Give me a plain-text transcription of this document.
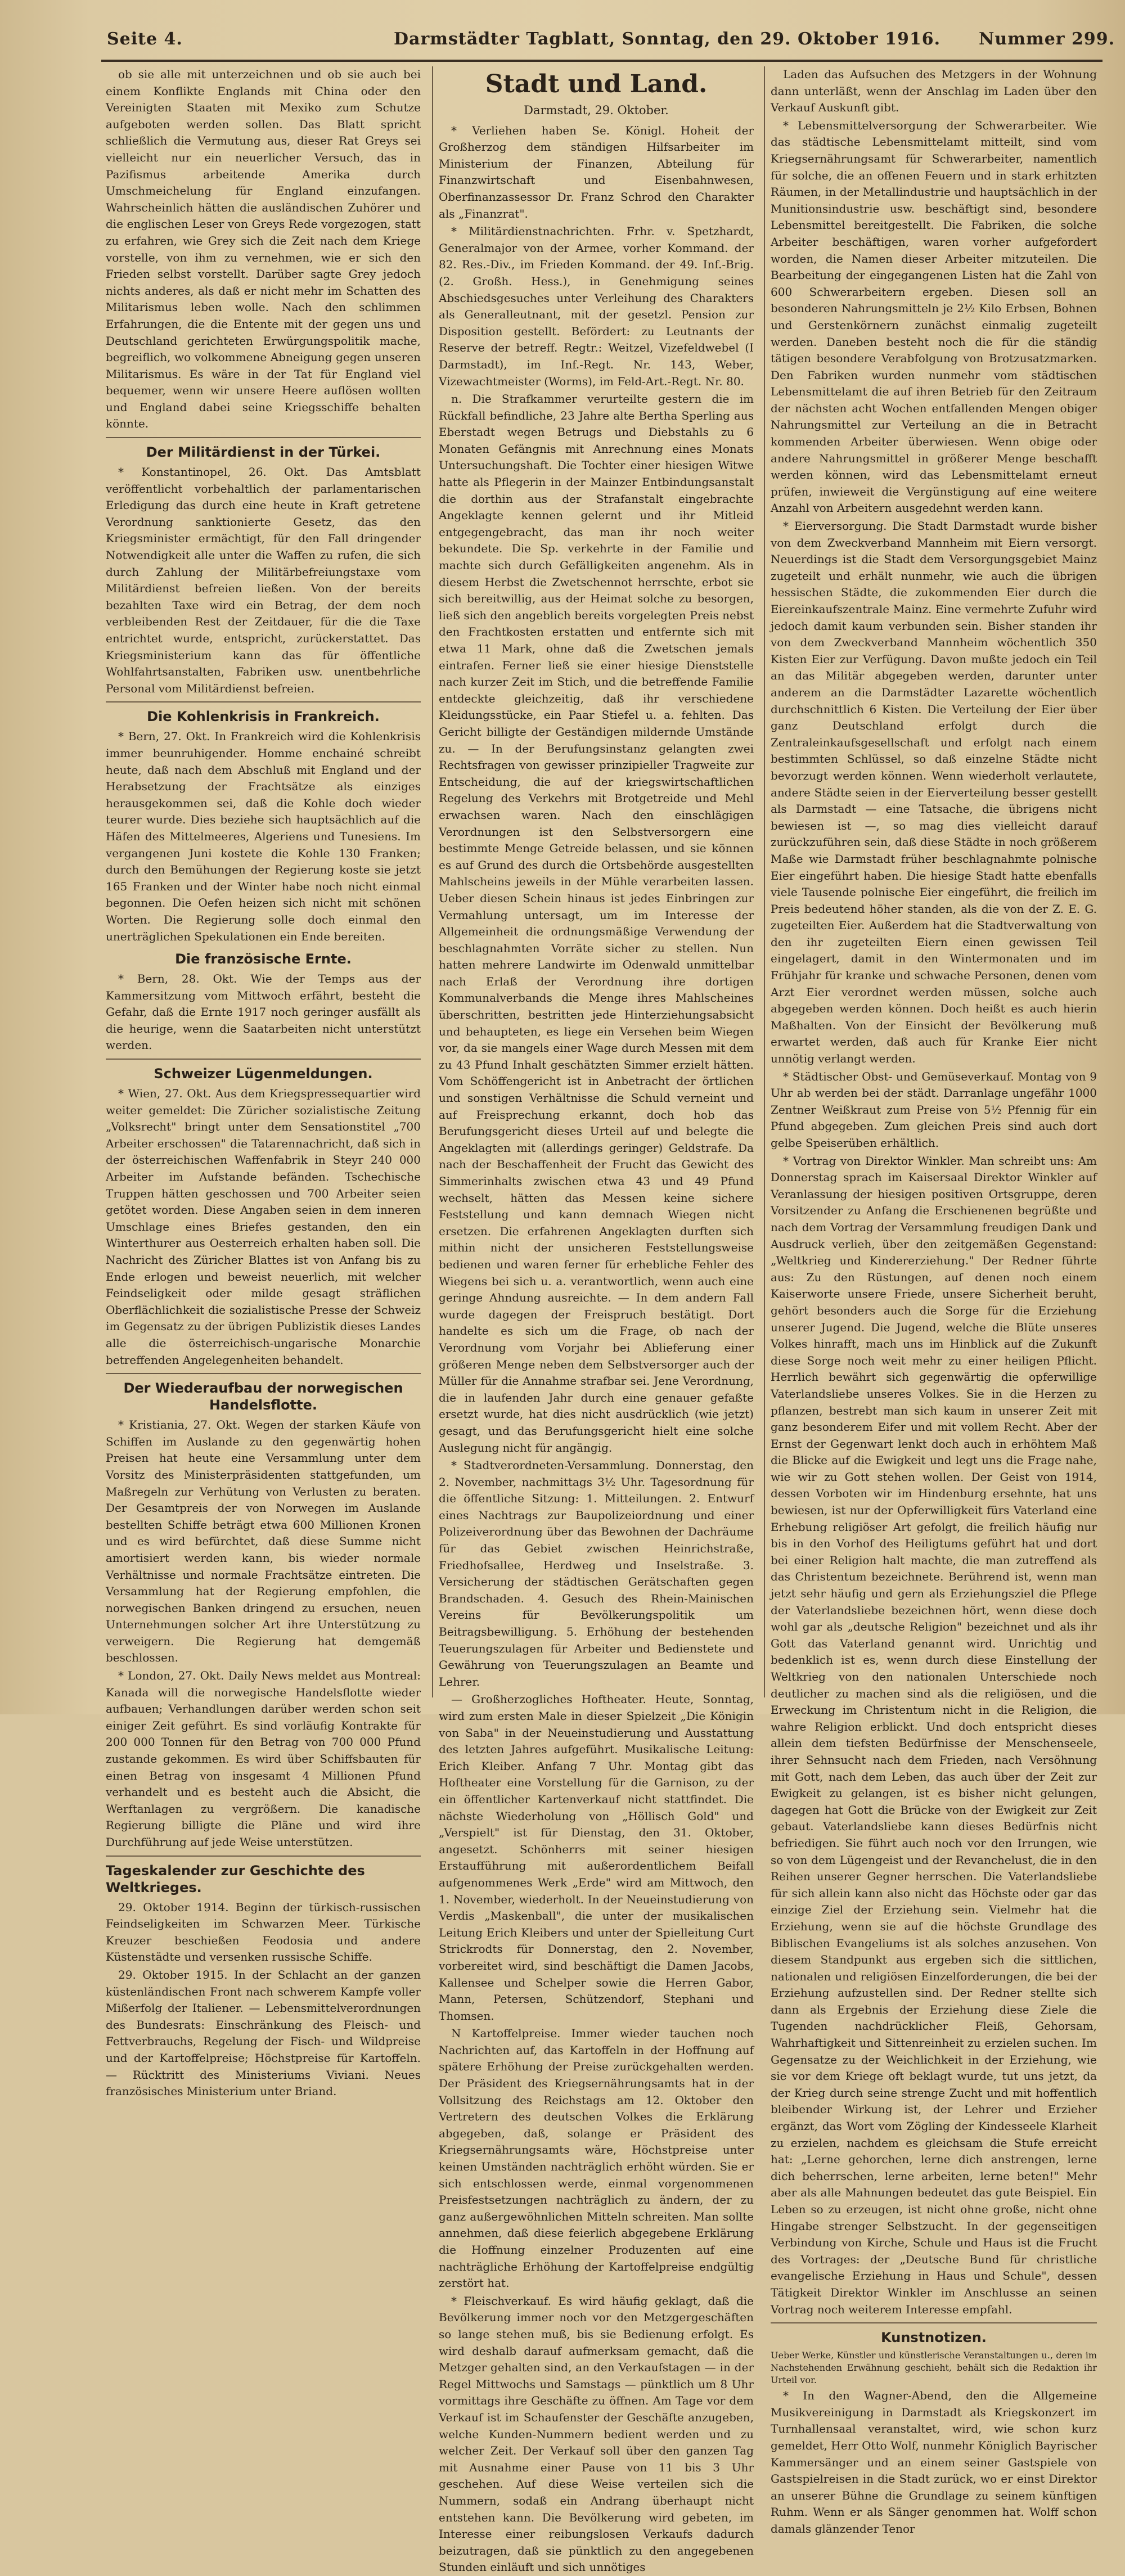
Seite 4.	Darmstädter Tagblatt, Sonntag, den 29. Oktober 1916. Nummer 299.

ob sie alle mit unterzeichnen und ob sie auch bei einem Konflikte Englands mit China oder den Vereinigten Staaten mit Mexiko zum Schutze aufgeboten werden sollen. Das Blatt spricht schließlich die Vermutung aus, dieser Rat Greys sei vielleicht nur ein neuerlicher Versuch, das in Pazifismus arbeitende Amerika durch Umschmeichelung für England einzufangen. Wahrscheinlich hätten die ausländischen Zuhörer und die englischen Leser von Greys Rede vorgezogen, statt zu erfahren, wie Grey sich die Zeit nach dem Kriege vorstelle, von ihm zu vernehmen, wie er sich den Frieden selbst vorstellt. Darüber sagte Grey jedoch nichts anderes, als daß er nicht mehr im Schatten des Militarismus leben wolle. Nach den schlimmen Erfahrungen, die die Entente mit der gegen uns und Deutschland gerichteten Erwürgungspolitik mache, begreiflich, wo volkommene Abneigung gegen unseren Militarismus. Es wäre in der Tat für England viel bequemer, wenn wir unsere Heere auflösen wollten und England dabei seine Kriegsschiffe behalten könnte.

Der Militärdienst in der Türkei.

* Konstantinopel, 26. Okt. Das Amtsblatt veröffentlicht vorbehaltlich der parlamentarischen Erledigung das durch eine heute in Kraft getretene Verordnung sanktionierte Gesetz, das den Kriegsminister ermächtigt, für den Fall dringender Notwendigkeit alle unter die Waffen zu rufen, die sich durch Zahlung der Militärbefreiungstaxe vom Militärdienst befreien ließen. Von der bereits bezahlten Taxe wird ein Betrag, der dem noch verbleibenden Rest der Zeitdauer, für die die Taxe entrichtet wurde, entspricht, zurückerstattet. Das Kriegsministerium kann das für öffentliche Wohlfahrtsanstalten, Fabriken usw. unentbehrliche Personal vom Militärdienst befreien.

Die Kohlenkrisis in Frankreich.

* Bern, 27. Okt. In Frankreich wird die Kohlenkrisis immer beunruhigender. Homme enchainé schreibt heute, daß nach dem Abschluß mit England und der Herabsetzung der Frachtsätze als einziges herausgekommen sei, daß die Kohle doch wieder teurer wurde. Dies beziehe sich hauptsächlich auf die Häfen des Mittelmeeres, Algeriens und Tunesiens. Im vergangenen Juni kostete die Kohle 130 Franken; durch den Bemühungen der Regierung koste sie jetzt 165 Franken und der Winter habe noch nicht einmal begonnen. Die Oefen heizen sich nicht mit schönen Worten. Die Regierung solle doch einmal den unerträglichen Spekulationen ein Ende bereiten.

Die französische Ernte.

* Bern, 28. Okt. Wie der Temps aus der Kammersitzung vom Mittwoch erfährt, besteht die Gefahr, daß die Ernte 1917 noch geringer ausfällt als die heurige, wenn die Saatarbeiten nicht unterstützt werden.

Schweizer Lügenmeldungen.

* Wien, 27. Okt. Aus dem Kriegspressequartier wird weiter gemeldet: Die Züricher sozialistische Zeitung „Volksrecht" bringt unter dem Sensationstitel „700 Arbeiter erschossen" die Tatarennachricht, daß sich in der österreichischen Waffenfabrik in Steyr 240 000 Arbeiter im Aufstande befänden. Tschechische Truppen hätten geschossen und 700 Arbeiter seien getötet worden. Diese Angaben seien in dem inneren Umschlage eines Briefes gestanden, den ein Winterthurer aus Oesterreich erhalten haben soll. Die Nachricht des Züricher Blattes ist von Anfang bis zu Ende erlogen und beweist neuerlich, mit welcher Feindseligkeit oder milde gesagt sträflichen Oberflächlichkeit die sozialistische Presse der Schweiz im Gegensatz zu der übrigen Publizistik dieses Landes alle die österreichisch-ungarische Monarchie betreffenden Angelegenheiten behandelt.

Der Wiederaufbau der norwegischen Handelsflotte.

* Kristiania, 27. Okt. Wegen der starken Käufe von Schiffen im Auslande zu den gegenwärtig hohen Preisen hat heute eine Versammlung unter dem Vorsitz des Ministerpräsidenten stattgefunden, um Maßregeln zur Verhütung von Verlusten zu beraten. Der Gesamtpreis der von Norwegen im Auslande bestellten Schiffe beträgt etwa 600 Millionen Kronen und es wird befürchtet, daß diese Summe nicht amortisiert werden kann, bis wieder normale Verhältnisse und normale Frachtsätze eintreten. Die Versammlung hat der Regierung empfohlen, die norwegischen Banken dringend zu ersuchen, neuen Unternehmungen solcher Art ihre Unterstützung zu verweigern. Die Regierung hat demgemäß beschlossen.

* London, 27. Okt. Daily News meldet aus Montreal: Kanada will die norwegische Handelsflotte wieder aufbauen; Verhandlungen darüber werden schon seit einiger Zeit geführt. Es sind vorläufig Kontrakte für 200 000 Tonnen für den Betrag von 700 000 Pfund zustande gekommen. Es wird über Schiffsbauten für einen Betrag von insgesamt 4 Millionen Pfund verhandelt und es besteht auch die Absicht, die Werftanlagen zu vergrößern. Die kanadische Regierung billigte die Pläne und wird ihre Durchführung auf jede Weise unterstützen.

Tageskalender zur Geschichte des Weltkrieges.

29. Oktober 1914. Beginn der türkisch-russischen Feindseligkeiten im Schwarzen Meer. Türkische Kreuzer beschießen Feodosia und andere Küstenstädte und versenken russische Schiffe.

29. Oktober 1915. In der Schlacht an der ganzen küstenländischen Front nach schwerem Kampfe voller Mißerfolg der Italiener. — Lebensmittelverordnungen des Bundesrats: Einschränkung des Fleisch- und Fettverbrauchs, Regelung der Fisch- und Wildpreise und der Kartoffelpreise; Höchstpreise für Kartoffeln. — Rücktritt des Ministeriums Viviani. Neues französisches Ministerium unter Briand.

Stadt und Land.
Darmstadt, 29. Oktober.

* Verliehen haben Se. Königl. Hoheit der Großherzog dem ständigen Hilfsarbeiter im Ministerium der Finanzen, Abteilung für Finanzwirtschaft und Eisenbahnwesen, Oberfinanzassessor Dr. Franz Schrod den Charakter als „Finanzrat".

* Militärdienstnachrichten. Frhr. v. Spetzhardt, Generalmajor von der Armee, vorher Kommand. der 82. Res.-Div., im Frieden Kommand. der 49. Inf.-Brig. (2. Großh. Hess.), in Genehmigung seines Abschiedsgesuches unter Verleihung des Charakters als Generalleutnant, mit der gesetzl. Pension zur Disposition gestellt. Befördert: zu Leutnants der Reserve der betreff. Regtr.: Weitzel, Vizefeldwebel (I Darmstadt), im Inf.-Regt. Nr. 143, Weber, Vizewachtmeister (Worms), im Feld-Art.-Regt. Nr. 80.

n. Die Strafkammer verurteilte gestern die im Rückfall befindliche, 23 Jahre alte Bertha Sperling aus Eberstadt wegen Betrugs und Diebstahls zu 6 Monaten Gefängnis mit Anrechnung eines Monats Untersuchungshaft. Die Tochter einer hiesigen Witwe hatte als Pflegerin in der Mainzer Entbindungsanstalt die dorthin aus der Strafanstalt eingebrachte Angeklagte kennen gelernt und ihr Mitleid entgegengebracht, das man ihr noch weiter bekundete. Die Sp. verkehrte in der Familie und machte sich durch Gefälligkeiten angenehm. Als in diesem Herbst die Zwetschennot herrschte, erbot sie sich bereitwillig, aus der Heimat solche zu besorgen, ließ sich den angeblich bereits vorgelegten Preis nebst den Frachtkosten erstatten und entfernte sich mit etwa 11 Mark, ohne daß die Zwetschen jemals eintrafen. Ferner ließ sie einer hiesige Dienststelle nach kurzer Zeit im Stich, und die betreffende Familie entdeckte gleichzeitig, daß ihr verschiedene Kleidungsstücke, ein Paar Stiefel u. a. fehlten. Das Gericht billigte der Geständigen mildernde Umstände zu. — In der Berufungsinstanz gelangten zwei Rechtsfragen von gewisser prinzipieller Tragweite zur Entscheidung, die auf der kriegswirtschaftlichen Regelung des Verkehrs mit Brotgetreide und Mehl erwachsen waren. Nach den einschlägigen Verordnungen ist den Selbstversorgern eine bestimmte Menge Getreide belassen, und sie können es auf Grund des durch die Ortsbehörde ausgestellten Mahlscheins jeweils in der Mühle verarbeiten lassen. Ueber diesen Schein hinaus ist jedes Einbringen zur Vermahlung untersagt, um im Interesse der Allgemeinheit die ordnungsmäßige Verwendung der beschlagnahmten Vorräte sicher zu stellen. Nun hatten mehrere Landwirte im Odenwald unmittelbar nach Erlaß der Verordnung ihre dortigen Kommunalverbands die Menge ihres Mahlscheines überschritten, bestritten jede Hinterziehungsabsicht und behaupteten, es liege ein Versehen beim Wiegen vor, da sie mangels einer Wage durch Messen mit dem zu 43 Pfund Inhalt geschätzten Simmer erzielt hätten. Vom Schöffengericht ist in Anbetracht der örtlichen und sonstigen Verhältnisse die Schuld verneint und auf Freisprechung erkannt, doch hob das Berufungsgericht dieses Urteil auf und belegte die Angeklagten mit (allerdings geringer) Geldstrafe. Da nach der Beschaffenheit der Frucht das Gewicht des Simmerinhalts zwischen etwa 43 und 49 Pfund wechselt, hätten das Messen keine sichere Feststellung und kann demnach Wiegen nicht ersetzen. Die erfahrenen Angeklagten durften sich mithin nicht der unsicheren Feststellungsweise bedienen und waren ferner für erhebliche Fehler des Wiegens bei sich u. a. verantwortlich, wenn auch eine geringe Ahndung ausreichte. — In dem andern Fall wurde dagegen der Freispruch bestätigt. Dort handelte es sich um die Frage, ob nach der Verordnung vom Vorjahr bei Ablieferung einer größeren Menge neben dem Selbstversorger auch der Müller für die Annahme strafbar sei. Jene Verordnung, die in laufenden Jahr durch eine genauer gefaßte ersetzt wurde, hat dies nicht ausdrücklich (wie jetzt) gesagt, und das Berufungsgericht hielt eine solche Auslegung nicht für angängig.

* Stadtverordneten-Versammlung. Donnerstag, den 2. November, nachmittags 3½ Uhr. Tagesordnung für die öffentliche Sitzung: 1. Mitteilungen. 2. Entwurf eines Nachtrags zur Baupolizeiordnung und einer Polizeiverordnung über das Bewohnen der Dachräume für das Gebiet zwischen Heinrichstraße, Friedhofsallee, Herdweg und Inselstraße. 3. Versicherung der städtischen Gerätschaften gegen Brandschaden. 4. Gesuch des Rhein-Mainischen Vereins für Bevölkerungspolitik um Beitragsbewilligung. 5. Erhöhung der bestehenden Teuerungszulagen für Arbeiter und Bedienstete und Gewährung von Teuerungszulagen an Beamte und Lehrer.

— Großherzogliches Hoftheater. Heute, Sonntag, wird zum ersten Male in dieser Spielzeit „Die Königin von Saba" in der Neueinstudierung und Ausstattung des letzten Jahres aufgeführt. Musikalische Leitung: Erich Kleiber. Anfang 7 Uhr. Montag gibt das Hoftheater eine Vorstellung für die Garnison, zu der ein öffentlicher Kartenverkauf nicht stattfindet. Die nächste Wiederholung von „Höllisch Gold" und „Verspielt" ist für Dienstag, den 31. Oktober, angesetzt. Schönherrs mit seiner hiesigen Erstaufführung mit außerordentlichem Beifall aufgenommenes Werk „Erde" wird am Mittwoch, den 1. November, wiederholt. In der Neueinstudierung von Verdis „Maskenball", die unter der musikalischen Leitung Erich Kleibers und unter der Spielleitung Curt Strickrodts für Donnerstag, den 2. November, vorbereitet wird, sind beschäftigt die Damen Jacobs, Kallensee und Schelper sowie die Herren Gabor, Mann, Petersen, Schützendorf, Stephani und Thomsen.

N Kartoffelpreise. Immer wieder tauchen noch Nachrichten auf, das Kartoffeln in der Hoffnung auf spätere Erhöhung der Preise zurückgehalten werden. Der Präsident des Kriegsernährungsamts hat in der Vollsitzung des Reichstags am 12. Oktober den Vertretern des deutschen Volkes die Erklärung abgegeben, daß, solange er Präsident des Kriegsernährungsamts wäre, Höchstpreise unter keinen Umständen nachträglich erhöht würden. Sie er sich entschlossen werde, einmal vorgenommenen Preisfestsetzungen nachträglich zu ändern, der zu ganz außergewöhnlichen Mitteln schreiten. Man sollte annehmen, daß diese feierlich abgegebene Erklärung die Hoffnung einzelner Produzenten auf eine nachträgliche Erhöhung der Kartoffelpreise endgültig zerstört hat.

* Fleischverkauf. Es wird häufig geklagt, daß die Bevölkerung immer noch vor den Metzgergeschäften so lange stehen muß, bis sie Bedienung erfolgt. Es wird deshalb darauf aufmerksam gemacht, daß die Metzger gehalten sind, an den Verkaufstagen — in der Regel Mittwochs und Samstags — pünktlich um 8 Uhr vormittags ihre Geschäfte zu öffnen. Am Tage vor dem Verkauf ist im Schaufenster der Geschäfte anzugeben, welche Kunden-Nummern bedient werden und zu welcher Zeit. Der Verkauf soll über den ganzen Tag mit Ausnahme einer Pause von 11 bis 3 Uhr geschehen. Auf diese Weise verteilen sich die Nummern, sodaß ein Andrang überhaupt nicht entstehen kann. Die Bevölkerung wird gebeten, im Interesse einer reibungslosen Verkaufs dadurch beizutragen, daß sie pünktlich zu den angegebenen Stunden einläuft und sich unnötiges

Laden das Aufsuchen des Metzgers in der Wohnung dann unterläßt, wenn der Anschlag im Laden über den Verkauf Auskunft gibt.

* Lebensmittelversorgung der Schwerarbeiter. Wie das städtische Lebensmittelamt mitteilt, sind vom Kriegsernährungsamt für Schwerarbeiter, namentlich für solche, die an offenen Feuern und in stark erhitzten Räumen, in der Metallindustrie und hauptsächlich in der Munitionsindustrie usw. beschäftigt sind, besondere Lebensmittel bereitgestellt. Die Fabriken, die solche Arbeiter beschäftigen, waren vorher aufgefordert worden, die Namen dieser Arbeiter mitzuteilen. Die Bearbeitung der eingegangenen Listen hat die Zahl von 600 Schwerarbeitern ergeben. Diesen soll an besonderen Nahrungsmitteln je 2½ Kilo Erbsen, Bohnen und Gerstenkörnern zunächst einmalig zugeteilt werden. Daneben besteht noch die für die ständig tätigen besondere Verabfolgung von Brotzusatzmarken. Den Fabriken wurden nunmehr vom städtischen Lebensmittelamt die auf ihren Betrieb für den Zeitraum der nächsten acht Wochen entfallenden Mengen obiger Nahrungsmittel zur Verteilung an die in Betracht kommenden Arbeiter überwiesen. Wenn obige oder andere Nahrungsmittel in größerer Menge beschafft werden können, wird das Lebensmittelamt erneut prüfen, inwieweit die Vergünstigung auf eine weitere Anzahl von Arbeitern ausgedehnt werden kann.

* Eierversorgung. Die Stadt Darmstadt wurde bisher von dem Zweckverband Mannheim mit Eiern versorgt. Neuerdings ist die Stadt dem Versorgungsgebiet Mainz zugeteilt und erhält nunmehr, wie auch die übrigen hessischen Städte, die zukommenden Eier durch die Eiereinkaufszentrale Mainz. Eine vermehrte Zufuhr wird jedoch damit kaum verbunden sein. Bisher standen ihr von dem Zweckverband Mannheim wöchentlich 350 Kisten Eier zur Verfügung. Davon mußte jedoch ein Teil an das Militär abgegeben werden, darunter unter anderem an die Darmstädter Lazarette wöchentlich durchschnittlich 6 Kisten. Die Verteilung der Eier über ganz Deutschland erfolgt durch die Zentraleinkaufsgesellschaft und erfolgt nach einem bestimmten Schlüssel, so daß einzelne Städte nicht bevorzugt werden können. Wenn wiederholt verlautete, andere Städte seien in der Eierverteilung besser gestellt als Darmstadt — eine Tatsache, die übrigens nicht bewiesen ist —, so mag dies vielleicht darauf zurückzuführen sein, daß diese Städte in noch größerem Maße wie Darmstadt früher beschlagnahmte polnische Eier eingeführt haben. Die hiesige Stadt hatte ebenfalls viele Tausende polnische Eier eingeführt, die freilich im Preis bedeutend höher standen, als die von der Z. E. G. zugeteilten Eier. Außerdem hat die Stadtverwaltung von den ihr zugeteilten Eiern einen gewissen Teil eingelagert, damit in den Wintermonaten und im Frühjahr für kranke und schwache Personen, denen vom Arzt Eier verordnet werden müssen, solche auch abgegeben werden können. Doch heißt es auch hierin Maßhalten. Von der Einsicht der Bevölkerung muß erwartet werden, daß auch für Kranke Eier nicht unnötig verlangt werden.

* Städtischer Obst- und Gemüseverkauf. Montag von 9 Uhr ab werden bei der städt. Darranlage ungefähr 1000 Zentner Weißkraut zum Preise von 5½ Pfennig für ein Pfund abgegeben. Zum gleichen Preis sind auch dort gelbe Speiserüben erhältlich.

* Vortrag von Direktor Winkler. Man schreibt uns: Am Donnerstag sprach im Kaisersaal Direktor Winkler auf Veranlassung der hiesigen positiven Ortsgruppe, deren Vorsitzender zu Anfang die Erschienenen begrüßte und nach dem Vortrag der Versammlung freudigen Dank und Ausdruck verlieh, über den zeitgemäßen Gegenstand: „Weltkrieg und Kindererziehung." Der Redner führte aus: Zu den Rüstungen, auf denen noch einem Kaiserworte unsere Friede, unsere Sicherheit beruht, gehört besonders auch die Sorge für die Erziehung unserer Jugend. Die Jugend, welche die Blüte unseres Volkes hinrafft, mach uns im Hinblick auf die Zukunft diese Sorge noch weit mehr zu einer heiligen Pflicht. Herrlich bewährt sich gegenwärtig die opferwillige Vaterlandsliebe unseres Volkes. Sie in die Herzen zu pflanzen, bestrebt man sich kaum in unserer Zeit mit ganz besonderem Eifer und mit vollem Recht. Aber der Ernst der Gegenwart lenkt doch auch in erhöhtem Maß die Blicke auf die Ewigkeit und legt uns die Frage nahe, wie wir zu Gott stehen wollen. Der Geist von 1914, dessen Vorboten wir im Hindenburg ersehnte, hat uns bewiesen, ist nur der Opferwilligkeit fürs Vaterland eine Erhebung religiöser Art gefolgt, die freilich häufig nur bis in den Vorhof des Heiligtums geführt hat und dort bei einer Religion halt machte, die man zutreffend als das Christentum bezeichnete. Berührend ist, wenn man jetzt sehr häufig und gern als Erziehungsziel die Pflege der Vaterlandsliebe bezeichnen hört, wenn diese doch wohl gar als „deutsche Religion" bezeichnet und als ihr Gott das Vaterland genannt wird. Unrichtig und bedenklich ist es, wenn durch diese Einstellung der Weltkrieg von den nationalen Unterschiede noch deutlicher zu machen sind als die religiösen, und die Erweckung im Christentum nicht in die Religion, die wahre Religion erblickt. Und doch entspricht dieses allein dem tiefsten Bedürfnisse der Menschenseele, ihrer Sehnsucht nach dem Frieden, nach Versöhnung mit Gott, nach dem Leben, das auch über der Zeit zur Ewigkeit zu gelangen, ist es bisher nicht gelungen, dagegen hat Gott die Brücke von der Ewigkeit zur Zeit gebaut. Vaterlandsliebe kann dieses Bedürfnis nicht befriedigen. Sie führt auch noch vor den Irrungen, wie so von dem Lügengeist und der Revanchelust, die in den Reihen unserer Gegner herrschen. Die Vaterlandsliebe für sich allein kann also nicht das Höchste oder gar das einzige Ziel der Erziehung sein. Vielmehr hat die Erziehung, wenn sie auf die höchste Grundlage des Biblischen Evangeliums ist als solches anzusehen. Von diesem Standpunkt aus ergeben sich die sittlichen, nationalen und religiösen Einzelforderungen, die bei der Erziehung aufzustellen sind. Der Redner stellte sich dann als Ergebnis der Erziehung diese Ziele die Tugenden nachdrücklicher Fleiß, Gehorsam, Wahrhaftigkeit und Sittenreinheit zu erzielen suchen. Im Gegensatze zu der Weichlichkeit in der Erziehung, wie sie vor dem Kriege oft beklagt wurde, tut uns jetzt, da der Krieg durch seine strenge Zucht und mit hoffentlich bleibender Wirkung ist, der Lehrer und Erzieher ergänzt, das Wort vom Zögling der Kindesseele Klarheit zu erzielen, nachdem es gleichsam die Stufe erreicht hat: „Lerne gehorchen, lerne dich anstrengen, lerne dich beherrschen, lerne arbeiten, lerne beten!" Mehr aber als alle Mahnungen bedeutet das gute Beispiel. Ein Leben so zu erzeugen, ist nicht ohne große, nicht ohne Hingabe strenger Selbstzucht. In der gegenseitigen Verbindung von Kirche, Schule und Haus ist die Frucht des Vortrages: der „Deutsche Bund für christliche evangelische Erziehung in Haus und Schule", dessen Tätigkeit Direktor Winkler im Anschlusse an seinen Vortrag noch weiterem Interesse empfahl.

Kunstnotizen.

Ueber Werke, Künstler und künstlerische Veranstaltungen u., deren im Nachstehenden Erwähnung geschieht, behält sich die Redaktion ihr Urteil vor.

* In den Wagner-Abend, den die Allgemeine Musikvereinigung in Darmstadt als Kriegskonzert im Turnhallensaal veranstaltet, wird, wie schon kurz gemeldet, Herr Otto Wolf, nunmehr Königlich Bayrischer Kammersänger und an einem seiner Gastspiele von Gastspielreisen in die Stadt zurück, wo er einst Direktor an unserer Bühne die Grundlage zu seinem künftigen Ruhm. Wenn er als Sänger genommen hat. Wolff schon damals glänzender Tenor
